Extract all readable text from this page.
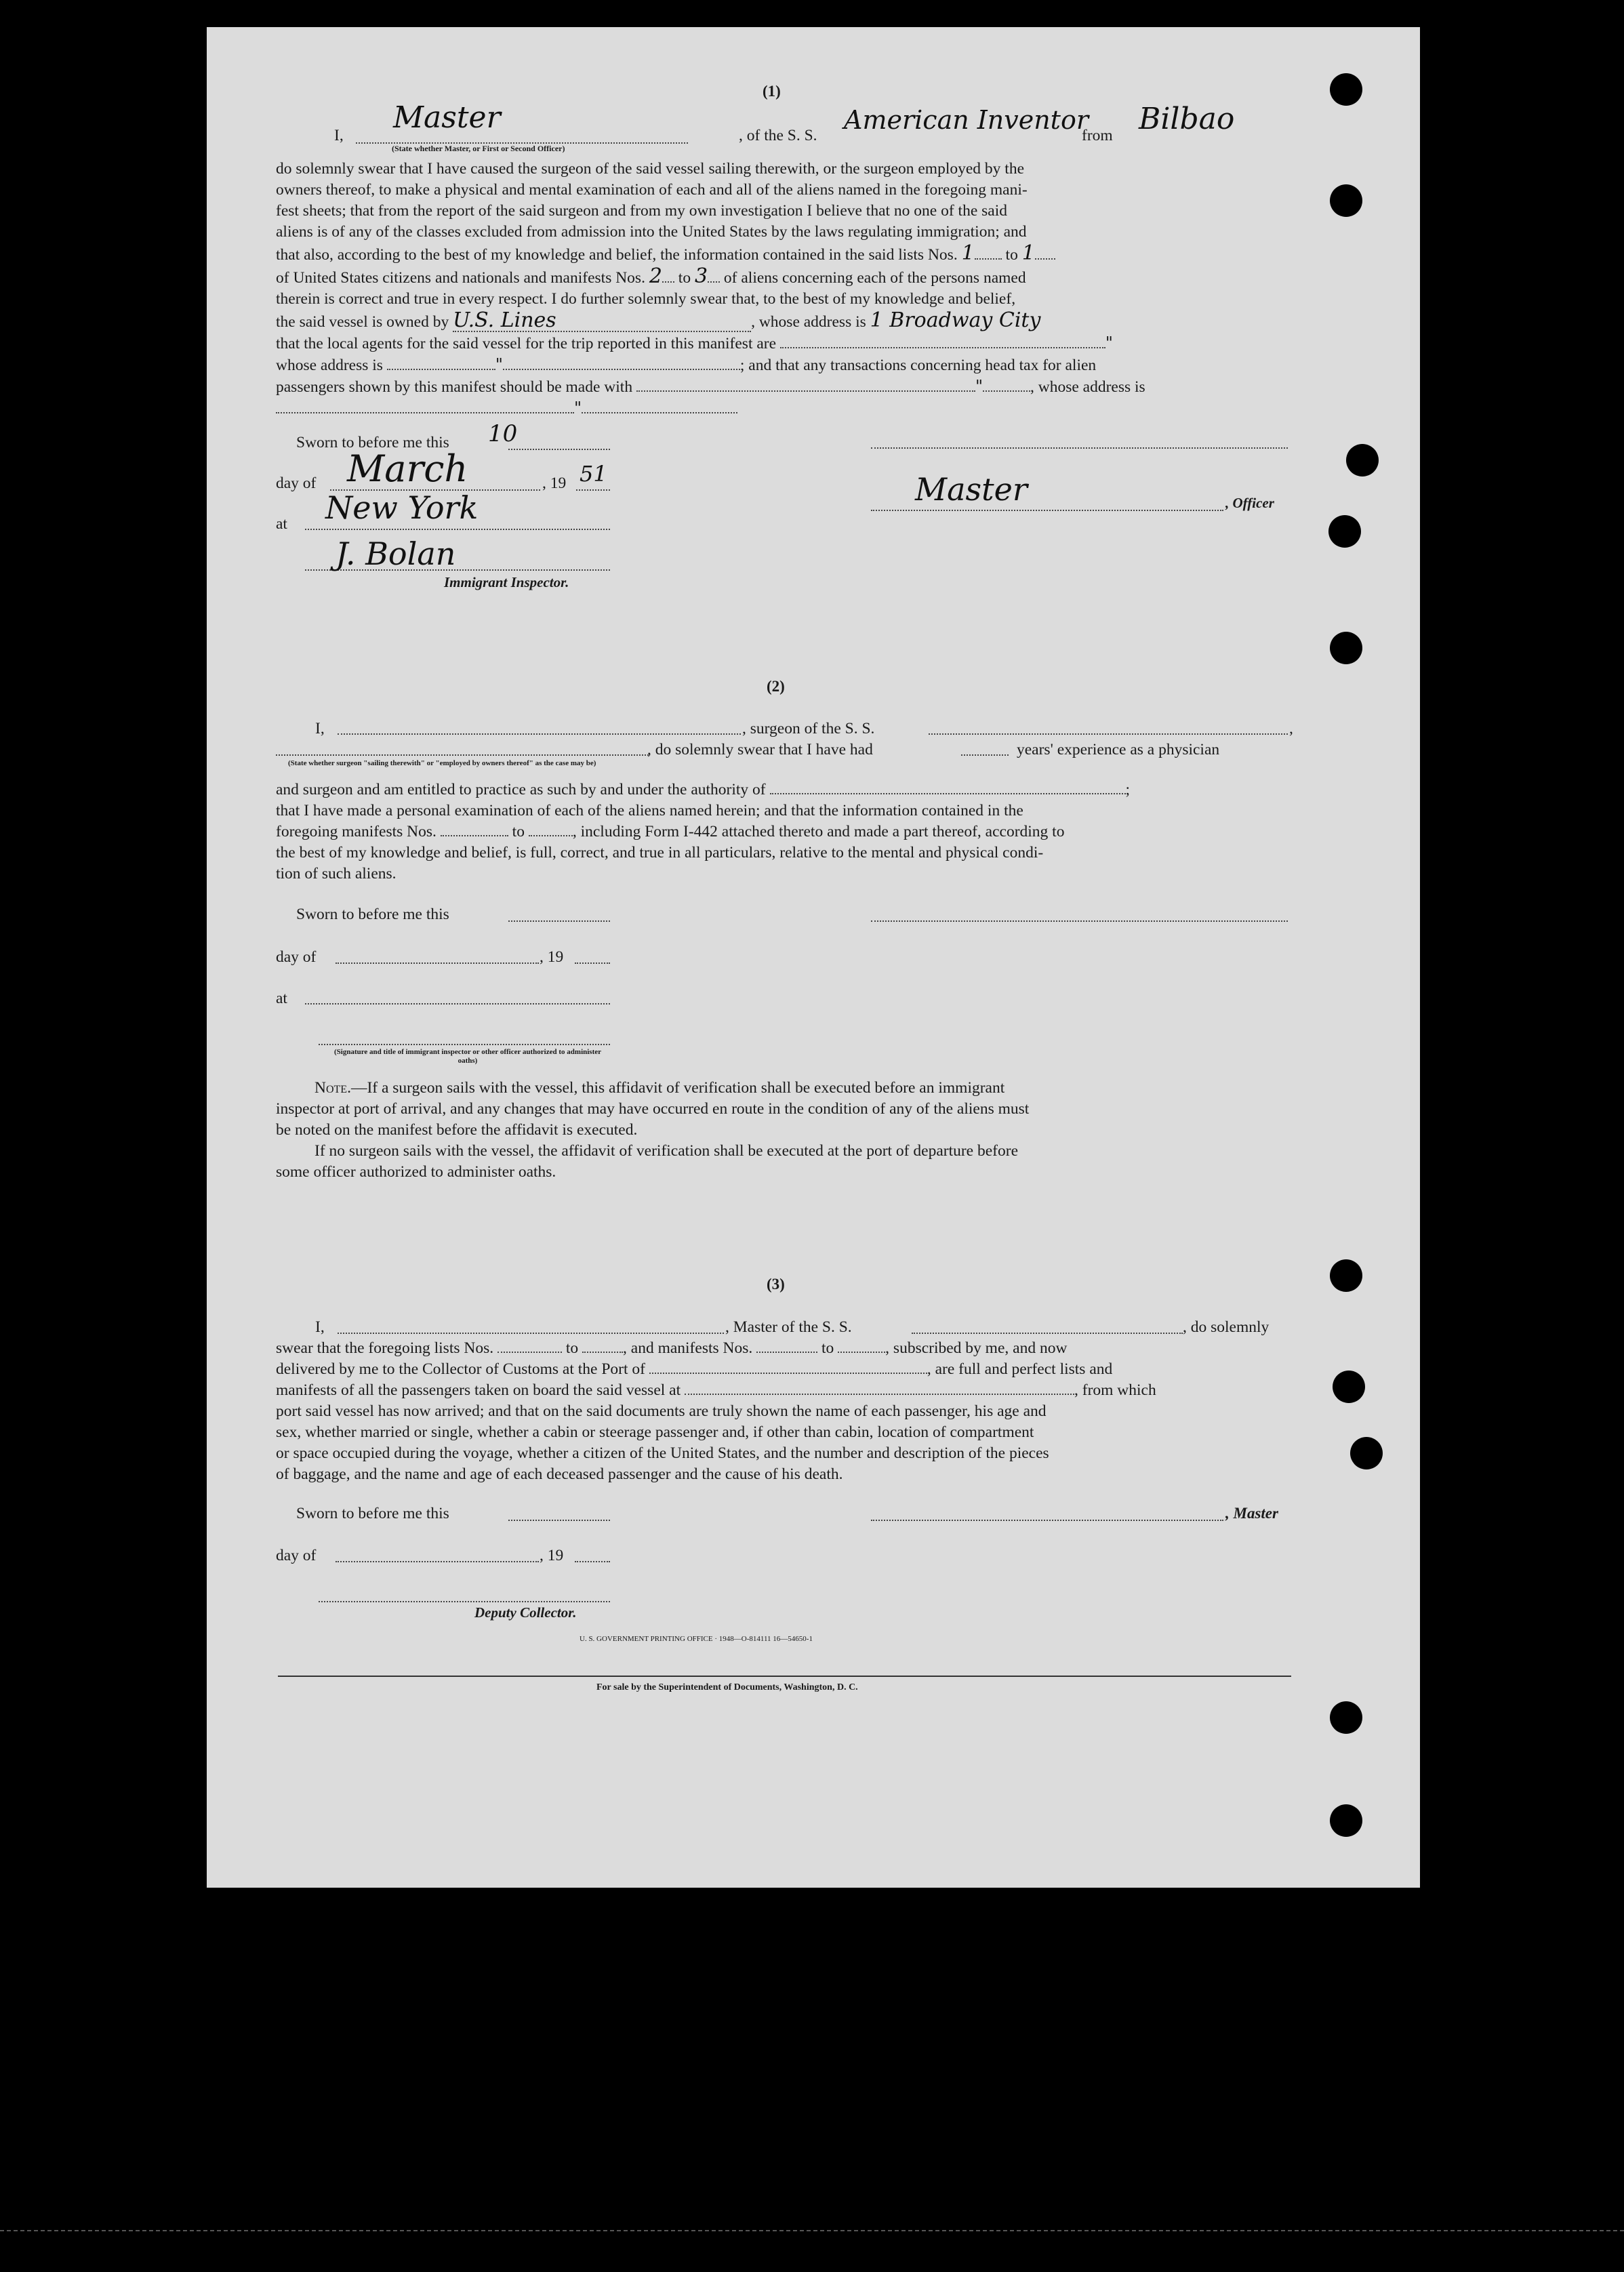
(1)
I,
Master
(State whether Master, or First or Second Officer)
, of the S. S.
American Inventor
from Bilbao
do solemnly swear that I have caused the surgeon of the said vessel sailing therewith, or the surgeon employed by the
owners thereof, to make a physical and mental examination of each and all of the aliens named in the foregoing mani-
fest sheets; that from the report of the said surgeon and from my own investigation I believe that no one of the said
aliens is of any of the classes excluded from admission into the United States by the laws regulating immigration; and
that also, according to the best of my knowledge and belief, the information contained in the said lists Nos. 1 to 1
of United States citizens and nationals and manifests Nos. 2 to 3 of aliens concerning each of the persons named
therein is correct and true in every respect. I do further solemnly swear that, to the best of my knowledge and belief,
the said vessel is owned by U.S. Lines	, whose address is 1 Broadway City
that the local agents for the said vessel for the trip reported in this manifest are	"
whose address is	"	; and that any transactions concerning head tax for alien
passengers shown by this manifest should be made with	"	, whose address is
"
Sworn to before me this 10
day of March	, 19 51
at New York
J. Bolan
Immigrant Inspector.
Master	, Officer
(2)
I,	, surgeon of the S. S.	,
, do solemnly swear that I have had	years' experience as a physician
(State whether surgeon "sailing therewith" or "employed by owners thereof" as the case may be)
and surgeon and am entitled to practice as such by and under the authority of	;
that I have made a personal examination of each of the aliens named herein; and that the information contained in the
foregoing manifests Nos.	to	, including Form I-442 attached thereto and made a part thereof, according to
the best of my knowledge and belief, is full, correct, and true in all particulars, relative to the mental and physical condi-
tion of such aliens.
Sworn to before me this
day of	, 19
at
(Signature and title of immigrant inspector or other officer authorized to administer oaths)
Note.—If a surgeon sails with the vessel, this affidavit of verification shall be executed before an immigrant
inspector at port of arrival, and any changes that may have occurred en route in the condition of any of the aliens must
be noted on the manifest before the affidavit is executed.
If no surgeon sails with the vessel, the affidavit of verification shall be executed at the port of departure before
some officer authorized to administer oaths.
(3)
I,	, Master of the S. S.	, do solemnly
swear that the foregoing lists Nos.	to	, and manifests Nos.	to	, subscribed by me, and now
delivered by me to the Collector of Customs at the Port of	, are full and perfect lists and
manifests of all the passengers taken on board the said vessel at	, from which
port said vessel has now arrived; and that on the said documents are truly shown the name of each passenger, his age and
sex, whether married or single, whether a cabin or steerage passenger and, if other than cabin, location of compartment
or space occupied during the voyage, whether a citizen of the United States, and the number and description of the pieces
of baggage, and the name and age of each deceased passenger and the cause of his death.
Sworn to before me this	, Master
day of	, 19
Deputy Collector.
U. S. GOVERNMENT PRINTING OFFICE · 1948—O-814111 16—54650-1
For sale by the Superintendent of Documents, Washington, D. C.
